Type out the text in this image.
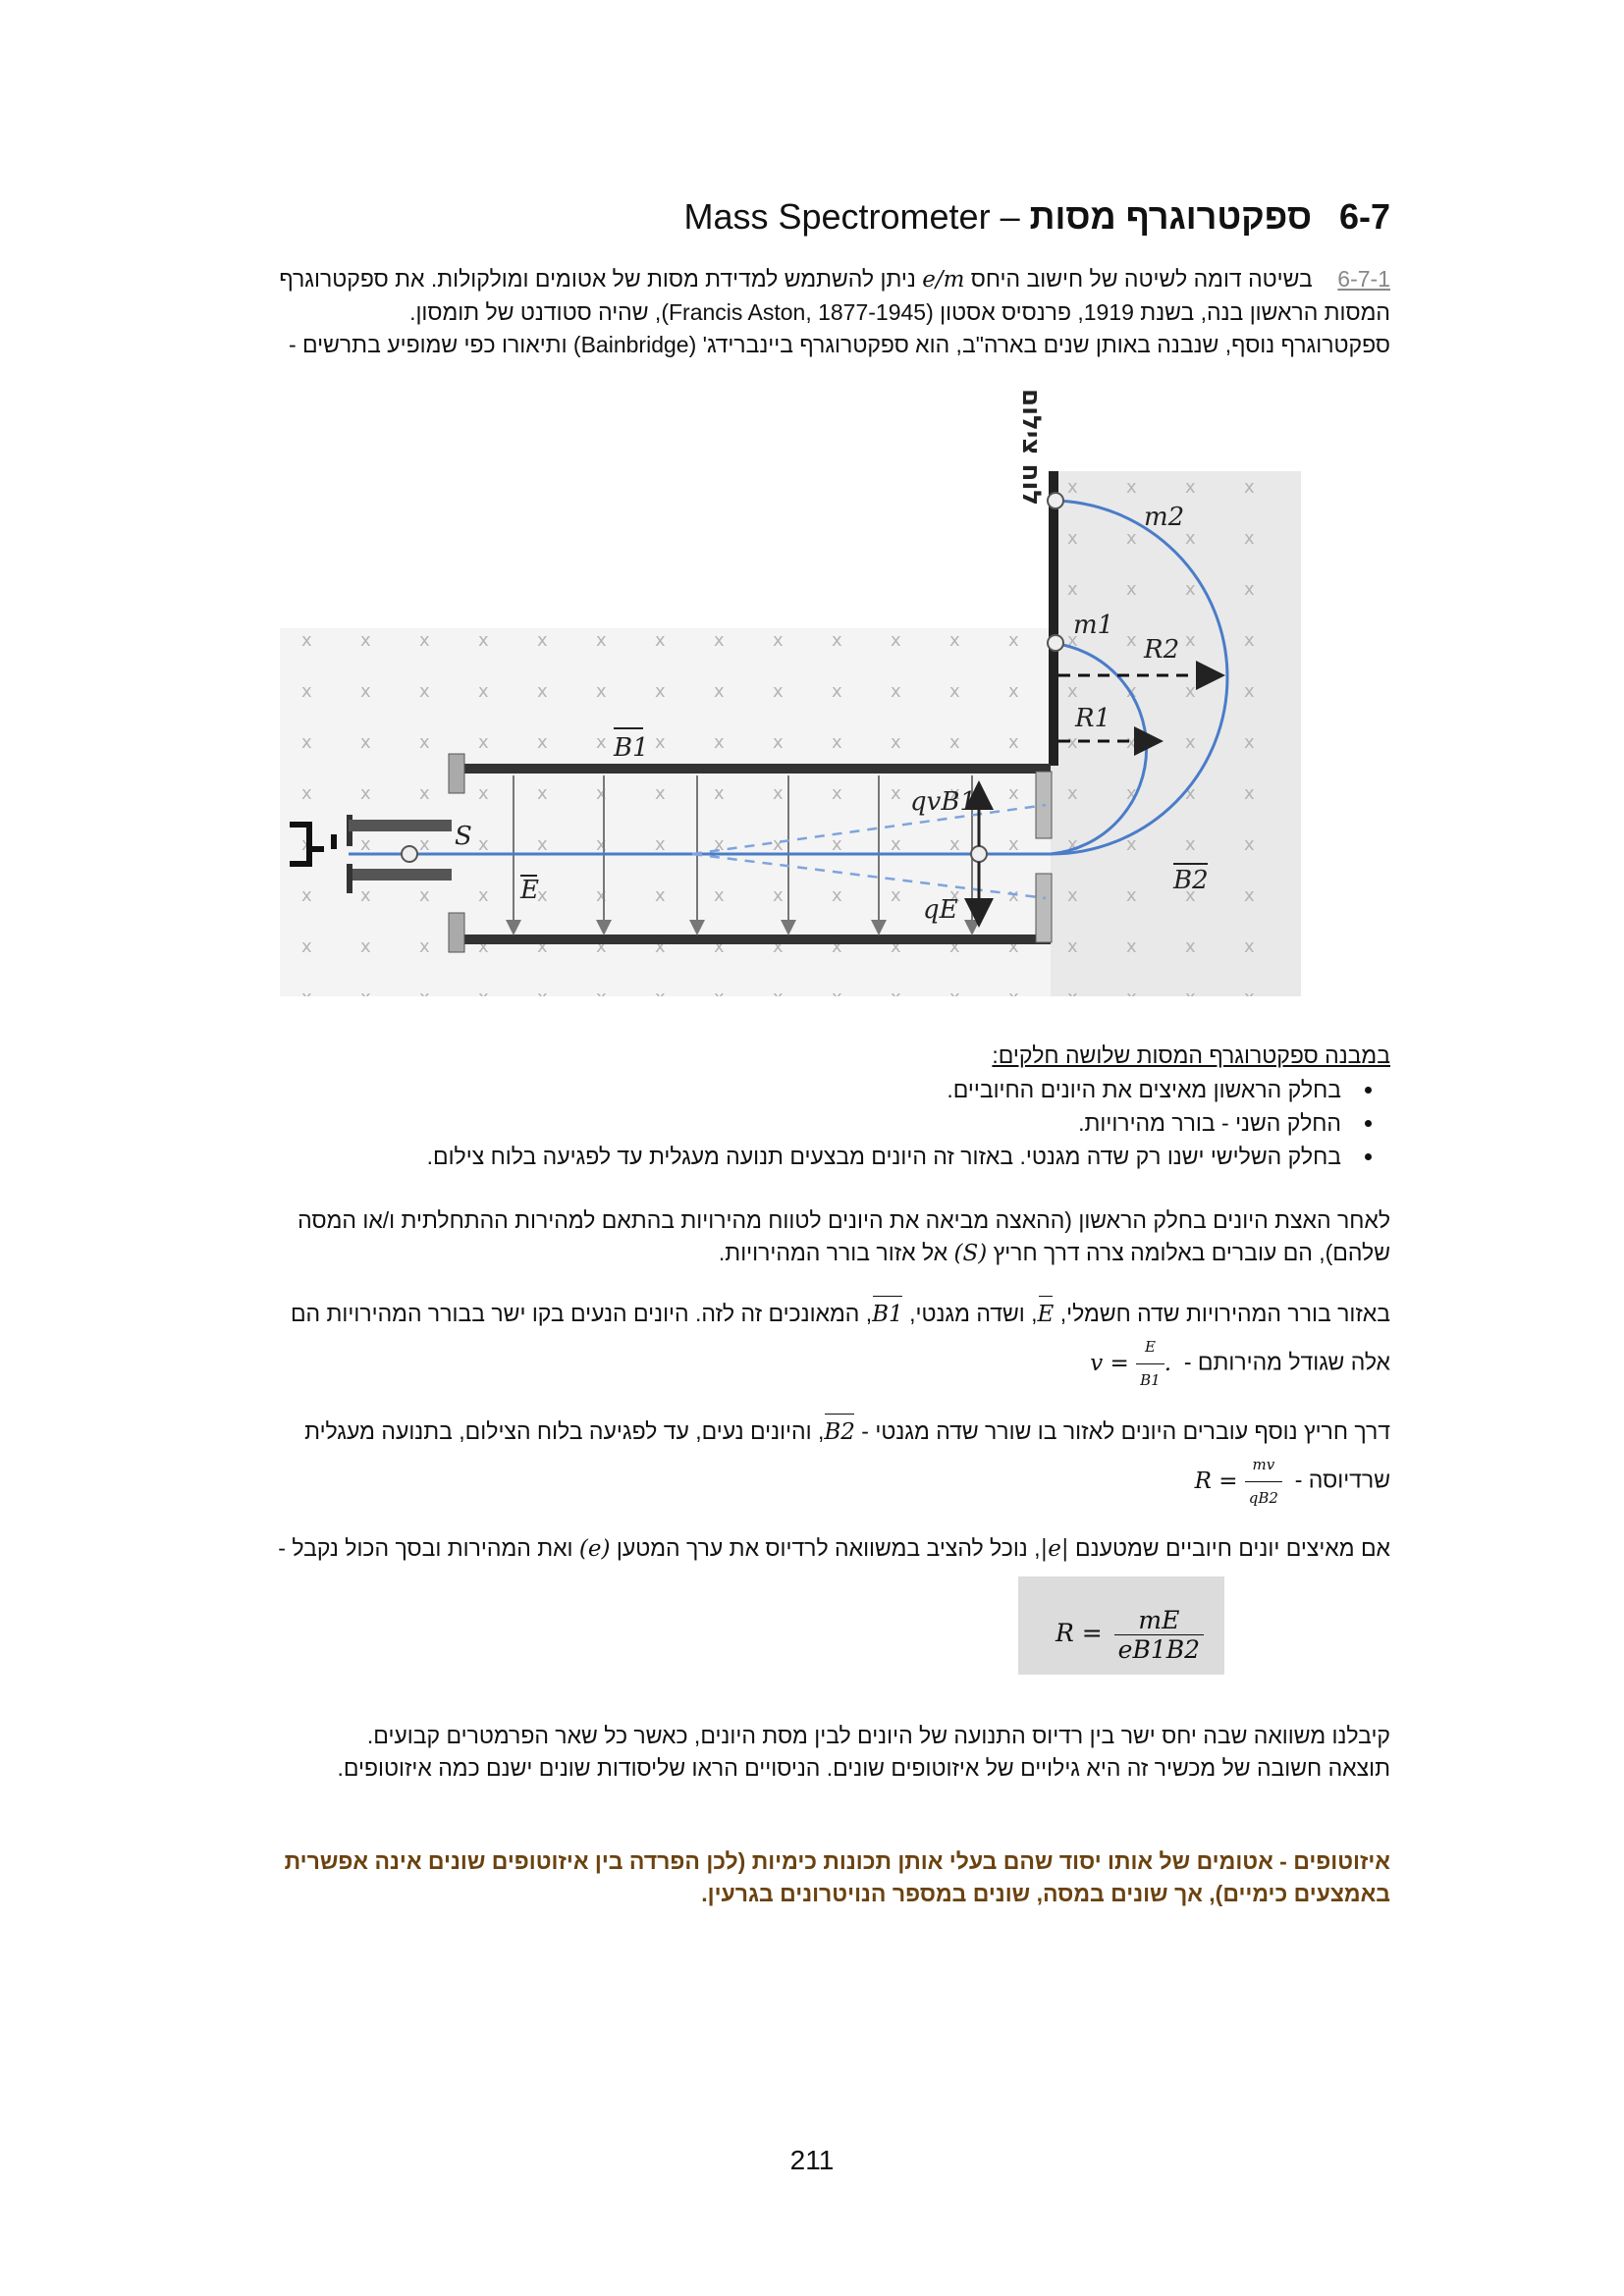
6-7ספקטרוגרף מסות Mass Spectrometer –
6-7-1    בשיטה דומה לשיטה של חישוב היחס e/m ניתן להשתמש למדידת מסות של אטומים ומולקולות. את ספקטרוגרף המסות הראשון בנה, בשנת 1919, פרנסיס אסטון (Francis Aston, 1877-1945), שהיה סטודנט של תומסון.
ספקטרוגרף נוסף, שנבנה באותן שנים בארה"ב, הוא ספקטרוגרף ביינברידג' (Bainbridge) ותיאורו כפי שמופיע בתרשים -
לוח צילום
B1
E
S
qvB1
qE
B2
m1
m2
R1
R2
במבנה ספקטרוגרף המסות שלושה חלקים:
• בחלק הראשון מאיצים את היונים החיוביים.
• החלק השני - בורר מהירויות.
• בחלק השלישי ישנו רק שדה מגנטי. באזור זה היונים מבצעים תנועה מעגלית עד לפגיעה בלוח צילום.
לאחר האצת היונים בחלק הראשון (ההאצה מביאה את היונים לטווח מהירויות בהתאם למהירות ההתחלתית ו/או המסה שלהם), הם עוברים באלומה צרה דרך חריץ (S) אל אזור בורר המהירויות.
באזור בורר המהירויות שדה חשמלי, E, ושדה מגנטי, B1, המאונכים זה לזה. היונים הנעים בקו ישר בבורר המהירויות הם אלה שגודל מהירותם -  $v = \frac{E}{B1}$ .
דרך חריץ נוסף עוברים היונים לאזור בו שורר שדה מגנטי - B2, והיונים נעים, עד לפגיעה בלוח הצילום, בתנועה מעגלית שרדיוסה -  $R = \frac{mv}{qB2}$
אם מאיצים יונים חיוביים שמטענם |e|, נוכל להציב במשוואה לרדיוס את ערך המטען (e) ואת המהירות ובסך הכול נקבל -
$R = \frac{mE}{eB1B2}$
קיבלנו משוואה שבה יחס ישר בין רדיוס התנועה של היונים לבין מסת היונים, כאשר כל שאר הפרמטרים קבועים.
תוצאה חשובה של מכשיר זה היא גילויים של איזוטופים שונים. הניסויים הראו שליסודות שונים ישנם כמה איזוטופים.
איזוטופים - אטומים של אותו יסוד שהם בעלי אותן תכונות כימיות (לכן הפרדה בין איזוטופים שונים אינה אפשרית באמצעים כימיים), אך שונים במסה, שונים במספר הנויטרונים בגרעין.
211
